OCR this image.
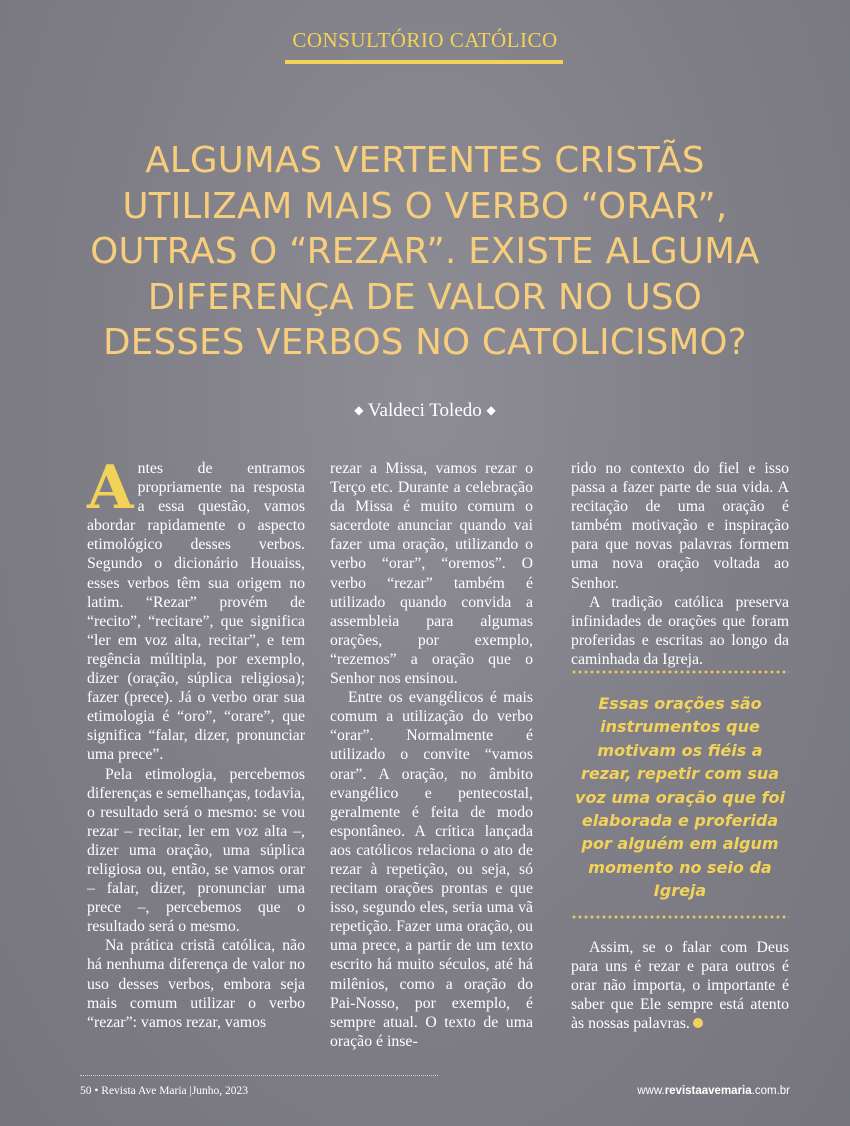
CONSULTÓRIO CATÓLICO
ALGUMAS VERTENTES CRISTÃS
UTILIZAM MAIS O VERBO “ORAR”,
OUTRAS O “REZAR”. EXISTE ALGUMA
DIFERENÇA DE VALOR NO USO
DESSES VERBOS NO CATOLICISMO?
◆ Valdeci Toledo ◆

Antes de entramos propriamente na resposta a essa questão, vamos abordar rapidamente o aspecto etimológico desses verbos. Segundo o dicionário Houaiss, esses verbos têm sua origem no latim. “Rezar” provém de “recito”, “recitare”, que significa “ler em voz alta, recitar”, e tem regência múltipla, por exemplo, dizer (oração, súplica religiosa); fazer (prece). Já o verbo orar sua etimologia é “oro”, “orare”, que significa “falar, dizer, pronunciar uma prece”.

Pela etimologia, percebemos diferenças e semelhanças, todavia, o resultado será o mesmo: se vou rezar – recitar, ler em voz alta –, dizer uma oração, uma súplica religiosa ou, então, se vamos orar – falar, dizer, pronunciar uma prece –, percebemos que o resultado será o mesmo.

Na prática cristã católica, não há nenhuma diferença de valor no uso desses verbos, embora seja mais comum utilizar o verbo “rezar”: vamos rezar, vamos

rezar a Missa, vamos rezar o Terço etc. Durante a celebração da Missa é muito comum o sacerdote anunciar quando vai fazer uma oração, utilizando o verbo “orar”, “oremos”. O verbo “rezar” também é utilizado quando convida a assembleia para algumas orações, por exemplo, “rezemos” a oração que o Senhor nos ensinou.

Entre os evangélicos é mais comum a utilização do verbo “orar”. Normalmente é utilizado o convite “vamos orar”. A oração, no âmbito evangélico e pentecostal, geralmente é feita de modo espontâneo. A crítica lançada aos católicos relaciona o ato de rezar à repetição, ou seja, só recitam orações prontas e que isso, segundo eles, seria uma vã repetição. Fazer uma oração, ou uma prece, a partir de um texto escrito há muito séculos, até há milênios, como a oração do Pai-Nosso, por exemplo, é sempre atual. O texto de uma oração é inse-

rido no contexto do fiel e isso passa a fazer parte de sua vida. A recitação de uma oração é também motivação e inspiração para que novas palavras formem uma nova oração voltada ao Senhor.

A tradição católica preserva infinidades de orações que foram proferidas e escritas ao longo da caminhada da Igreja.

Essas orações são instrumentos que motivam os fiéis a rezar, repetir com sua voz uma oração que foi elaborada e proferida por alguém em algum momento no seio da Igreja

Assim, se o falar com Deus para uns é rezar e para outros é orar não importa, o importante é saber que Ele sempre está atento às nossas palavras.

50 • Revista Ave Maria |Junho, 2023	www.revistaavemaria.com.br
